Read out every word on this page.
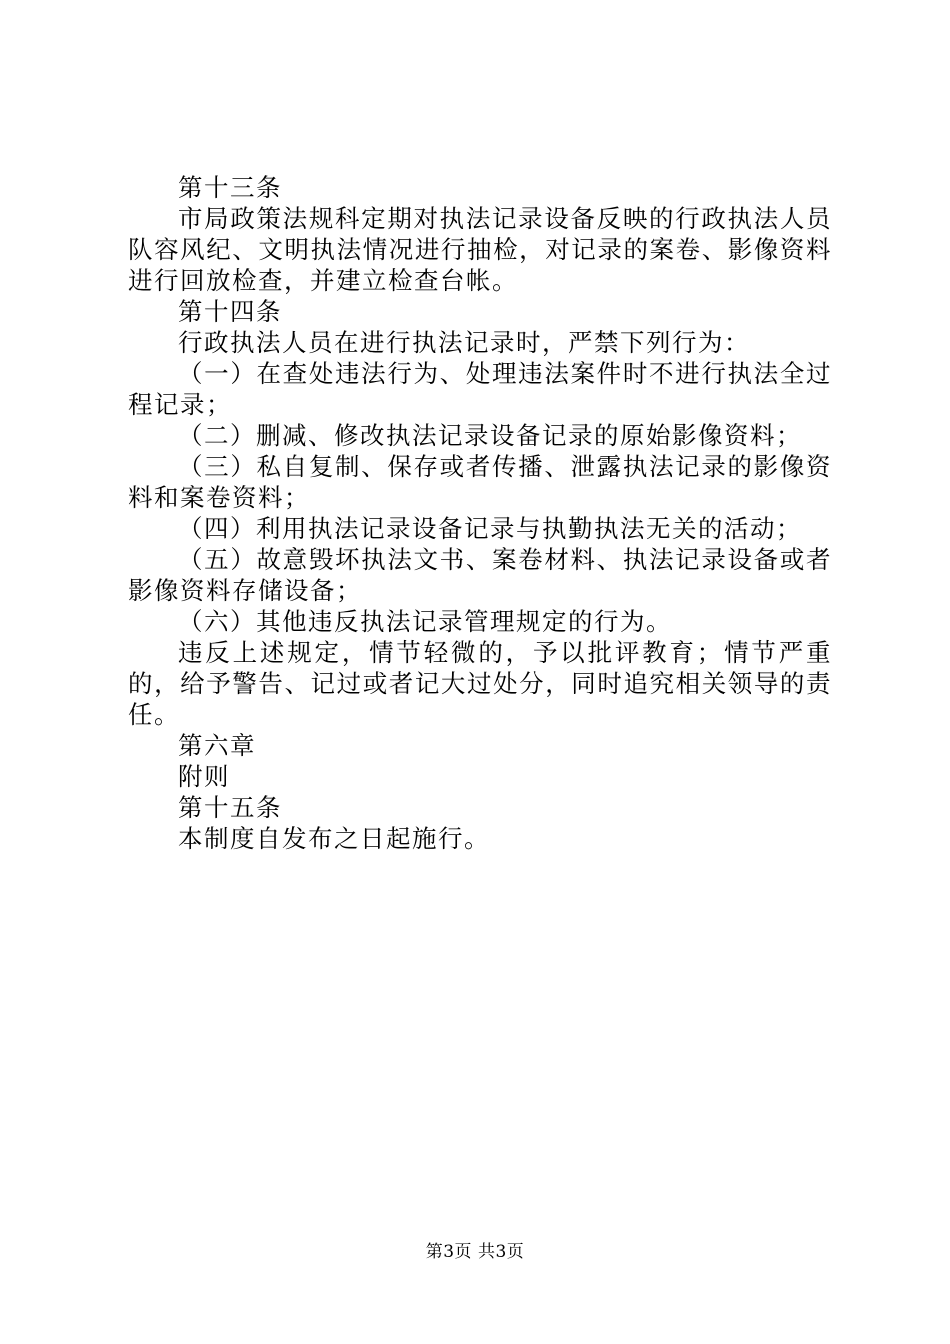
第十三条

市局政策法规科定期对执法记录设备反映的行政执法人员队容风纪、文明执法情况进行抽检，对记录的案卷、影像资料进行回放检查，并建立检查台帐。

第十四条

行政执法人员在进行执法记录时，严禁下列行为：

（一）在查处违法行为、处理违法案件时不进行执法全过程记录；

（二）删减、修改执法记录设备记录的原始影像资料；

（三）私自复制、保存或者传播、泄露执法记录的影像资料和案卷资料；

（四）利用执法记录设备记录与执勤执法无关的活动；

（五）故意毁坏执法文书、案卷材料、执法记录设备或者影像资料存储设备；

（六）其他违反执法记录管理规定的行为。

违反上述规定，情节轻微的，予以批评教育；情节严重的，给予警告、记过或者记大过处分，同时追究相关领导的责任。

第六章

附则

第十五条

本制度自发布之日起施行。

第3页 共3页
